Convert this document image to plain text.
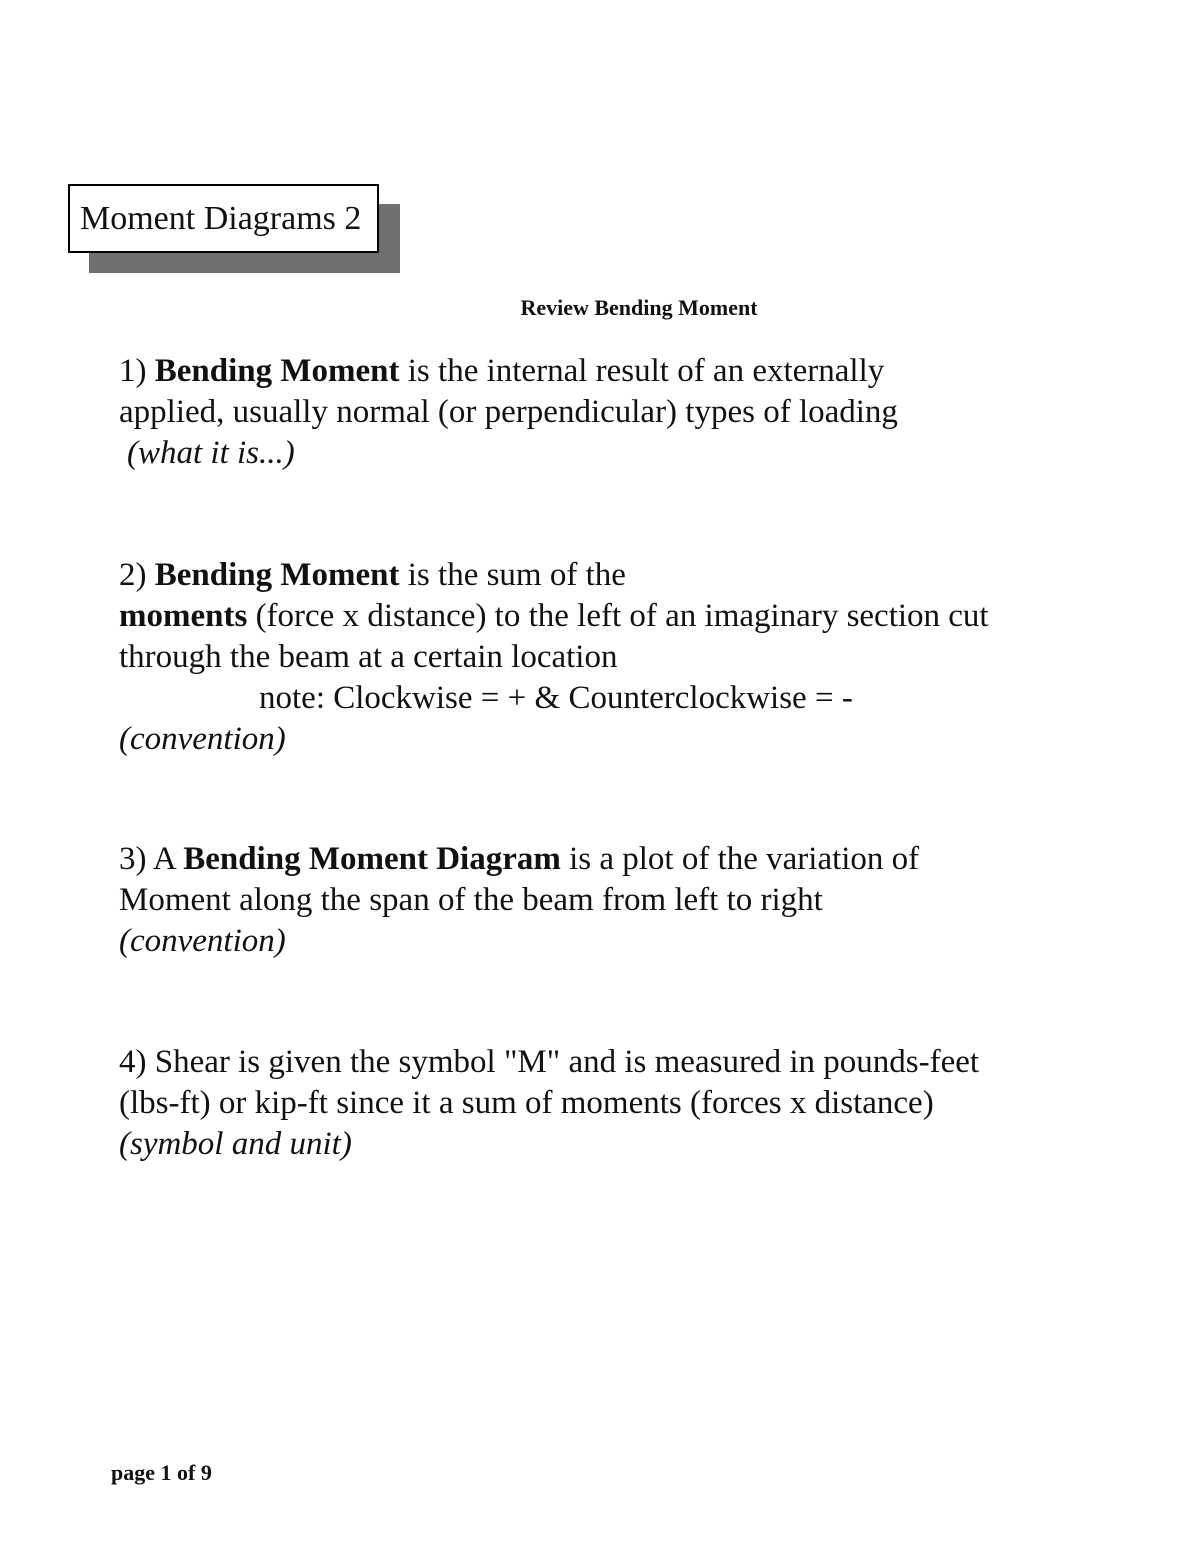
Moment Diagrams 2
Review Bending Moment
1) Bending Moment is the internal result of an externally
applied, usually normal (or perpendicular) types of loading
(what it is...)
2) Bending Moment is the sum of the
moments (force x distance) to the left of an imaginary section cut
through the beam at a certain location
note: Clockwise = + & Counterclockwise = -
(convention)
3) A Bending Moment Diagram is a plot of the variation of
Moment along the span of the beam from left to right
(convention)
4) Shear is given the symbol "M" and is measured in pounds-feet
(lbs-ft) or kip-ft since it a sum of moments (forces x distance)
(symbol and unit)
page 1 of 9
